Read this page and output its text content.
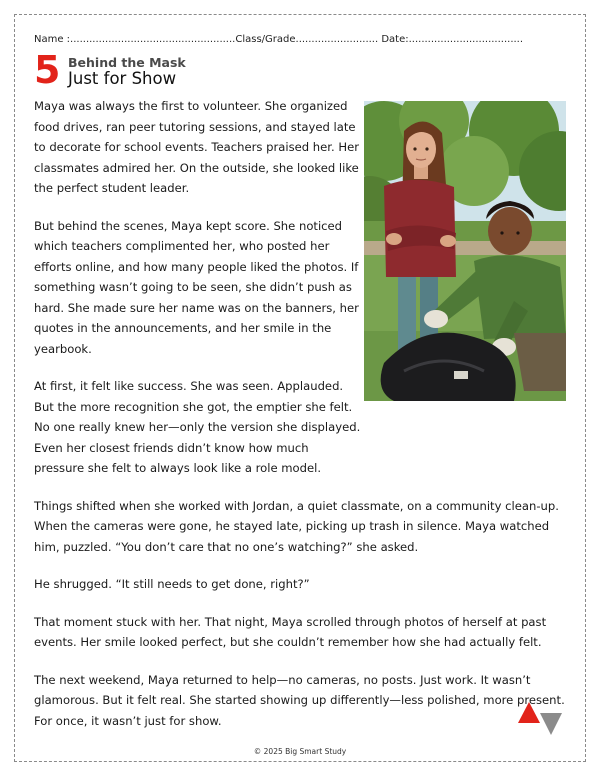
Name :....................................................Class/Grade.......................... Date:....................................
5 Behind the Mask
Just for Show

Maya was always the first to volunteer. She organized food drives, ran peer tutoring sessions, and stayed late to decorate for school events. Teachers praised her. Her classmates admired her. On the outside, she looked like the perfect student leader.

But behind the scenes, Maya kept score. She noticed which teachers complimented her, who posted her efforts online, and how many people liked the photos. If something wasn’t going to be seen, she didn’t push as hard. She made sure her name was on the banners, her quotes in the announcements, and her smile in the yearbook.

At first, it felt like success. She was seen. Applauded. But the more recognition she got, the emptier she felt. No one really knew her—only the version she displayed. Even her closest friends didn’t know how much pressure she felt to always look like a role model.

Things shifted when she worked with Jordan, a quiet classmate, on a community clean-up. When the cameras were gone, he stayed late, picking up trash in silence. Maya watched him, puzzled. “You don’t care that no one’s watching?” she asked.

He shrugged. “It still needs to get done, right?”

That moment stuck with her. That night, Maya scrolled through photos of herself at past events. Her smile looked perfect, but she couldn’t remember how she had actually felt.

The next weekend, Maya returned to help—no cameras, no posts. Just work. It wasn’t glamorous. But it felt real. She started showing up differently—less polished, more present. For once, it wasn’t just for show.

© 2025 Big Smart Study
